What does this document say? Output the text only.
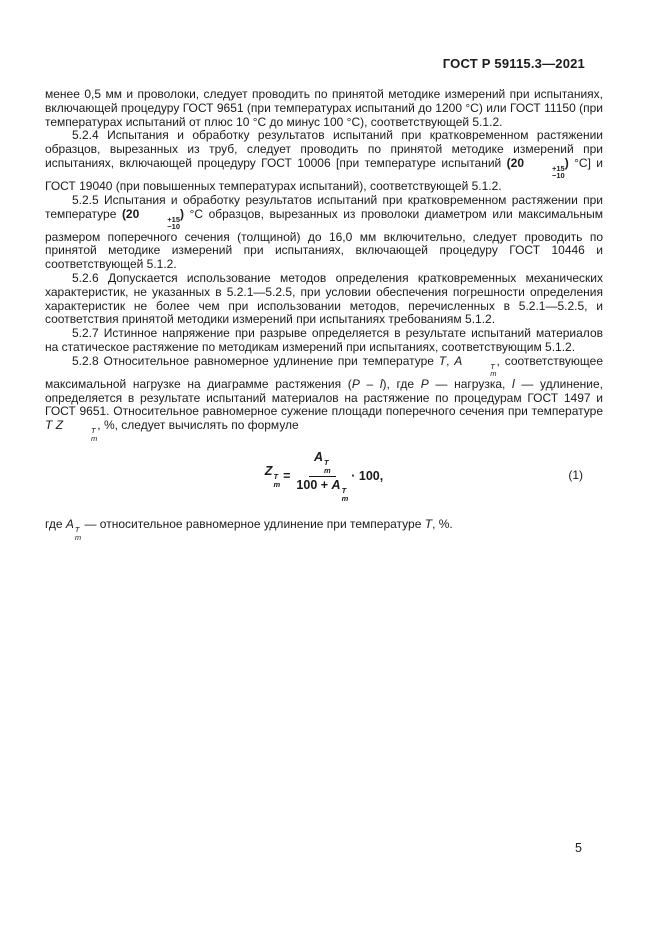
ГОСТ Р 59115.3—2021

менее 0,5 мм и проволоки, следует проводить по принятой методике измерений при испытаниях, включающей процедуру ГОСТ 9651 (при температурах испытаний до 1200 °С) или ГОСТ 11150 (при температурах испытаний от плюс 10 °С до минус 100 °С), соответствующей 5.1.2.

5.2.4 Испытания и обработку результатов испытаний при кратковременном растяжении образцов, вырезанных из труб, следует проводить по принятой методике измерений при испытаниях, включающей процедуру ГОСТ 10006 [при температуре испытаний (20	+15
−10
) °С] и ГОСТ 19040 (при повышенных температурах испытаний), соответствующей 5.1.2.

5.2.5 Испытания и обработку результатов испытаний при кратковременном растяжении при температуре (20	+15
−10
) °С образцов, вырезанных из проволоки диаметром или максимальным размером поперечного сечения (толщиной) до 16,0 мм включительно, следует проводить по принятой методике измерений при испытаниях, включающей процедуру ГОСТ 10446 и соответствующей 5.1.2.

5.2.6 Допускается использование методов определения кратковременных механических характеристик, не указанных в 5.2.1—5.2.5, при условии обеспечения погрешности определения характеристик не более чем при использовании методов, перечисленных в 5.2.1—5.2.5, и соответствия принятой методики измерений при испытаниях требованиям 5.1.2.

5.2.7 Истинное напряжение при разрыве определяется в результате испытаний материалов на статическое растяжение по методикам измерений при испытаниях, соответствующим 5.1.2.

5.2.8 Относительное равномерное удлинение при температуре T, A	T
m
, соответствующее максимальной нагрузке на диаграмме растяжения (P – l), где P — нагрузка, l — удлинение, определяется в результате испытаний материалов на растяжение по процедурам ГОСТ 1497 и ГОСТ 9651. Относительное равномерное сужение площади поперечного сечения при температуре T Z	T
m
, %, следует вычислять по формуле

Z T
m
= A T
m
100 + A T
m · 100,	(1)

где A T
m
— относительное равномерное удлинение при температуре T, %.

5
